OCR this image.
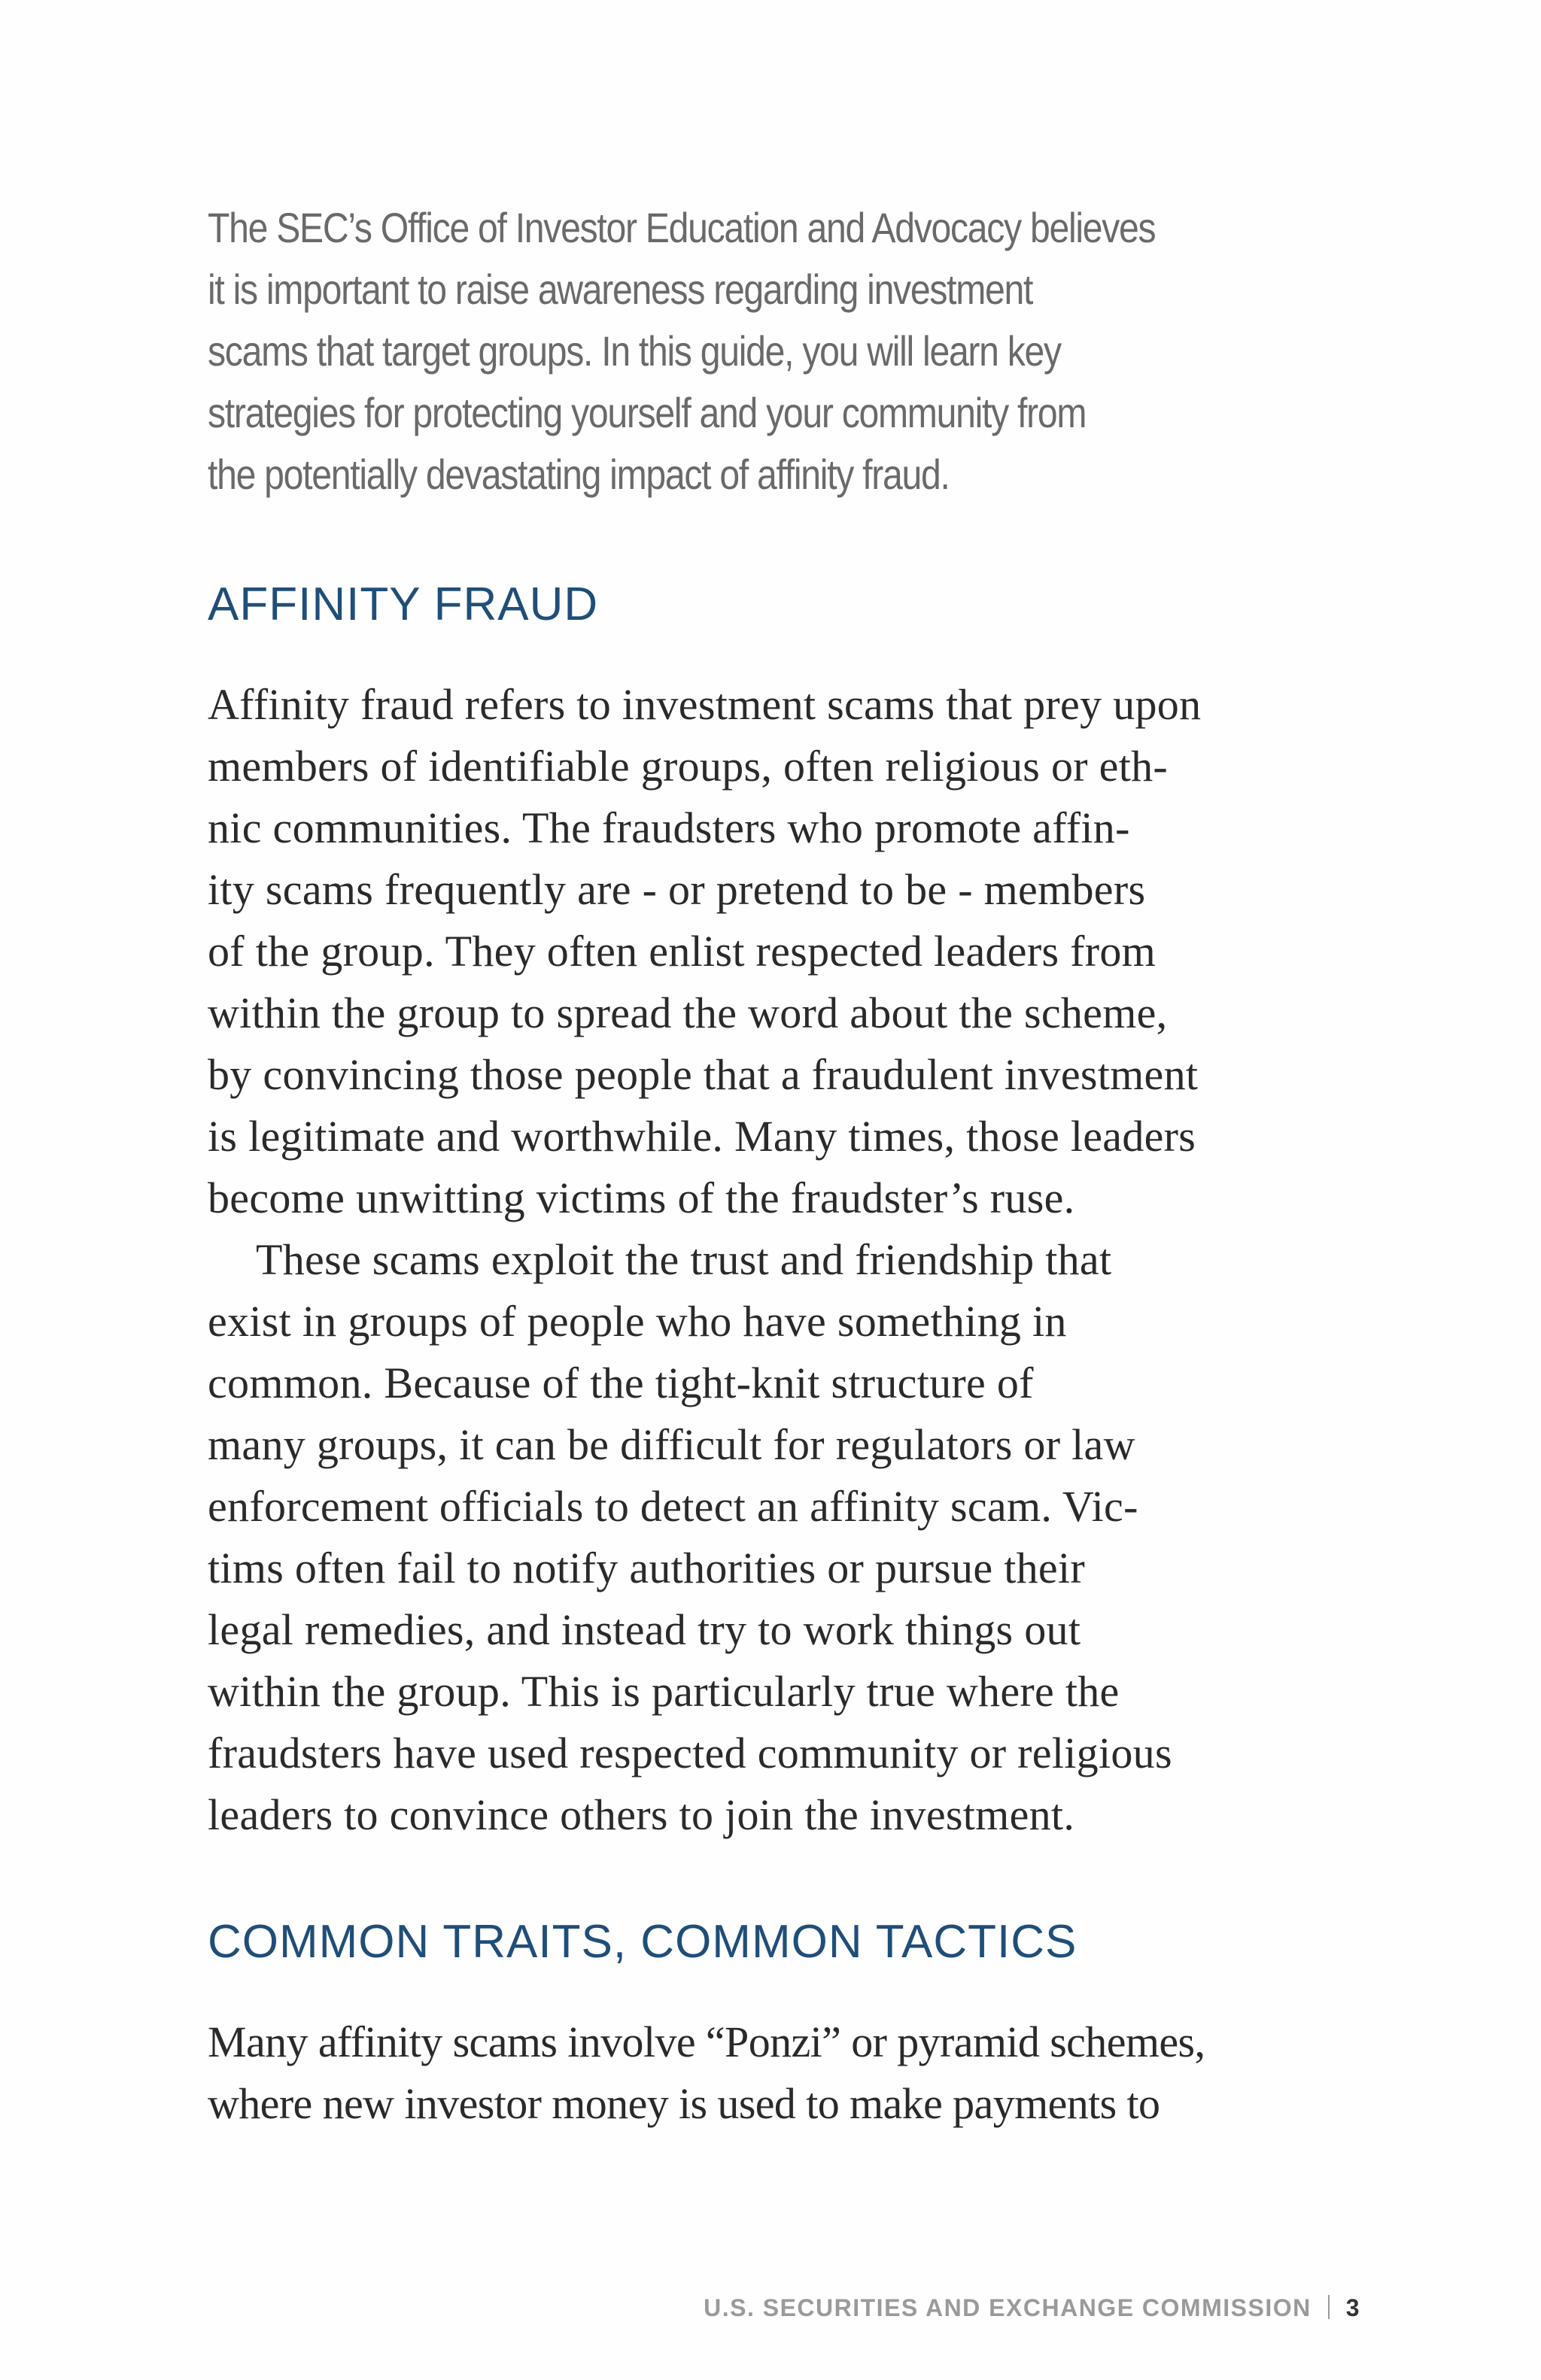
The SEC’s Office of Investor Education and Advocacy believes
it is important to raise awareness regarding investment
scams that target groups. In this guide, you will learn key
strategies for protecting yourself and your community from
the potentially devastating impact of affinity fraud.
AFFINITY FRAUD
Affinity fraud refers to investment scams that prey upon
members of identifiable groups, often religious or eth-
nic communities. The fraudsters who promote affin-
ity scams frequently are - or pretend to be - members
of the group. They often enlist respected leaders from
within the group to spread the word about the scheme,
by convincing those people that a fraudulent investment
is legitimate and worthwhile. Many times, those leaders
become unwitting victims of the fraudster’s ruse.
These scams exploit the trust and friendship that
exist in groups of people who have something in
common. Because of the tight-knit structure of
many groups, it can be difficult for regulators or law
enforcement officials to detect an affinity scam. Vic-
tims often fail to notify authorities or pursue their
legal remedies, and instead try to work things out
within the group. This is particularly true where the
fraudsters have used respected community or religious
leaders to convince others to join the investment.
COMMON TRAITS, COMMON TACTICS
Many affinity scams involve “Ponzi” or pyramid schemes,
where new investor money is used to make payments to
U.S. SECURITIES AND EXCHANGE COMMISSION 3
